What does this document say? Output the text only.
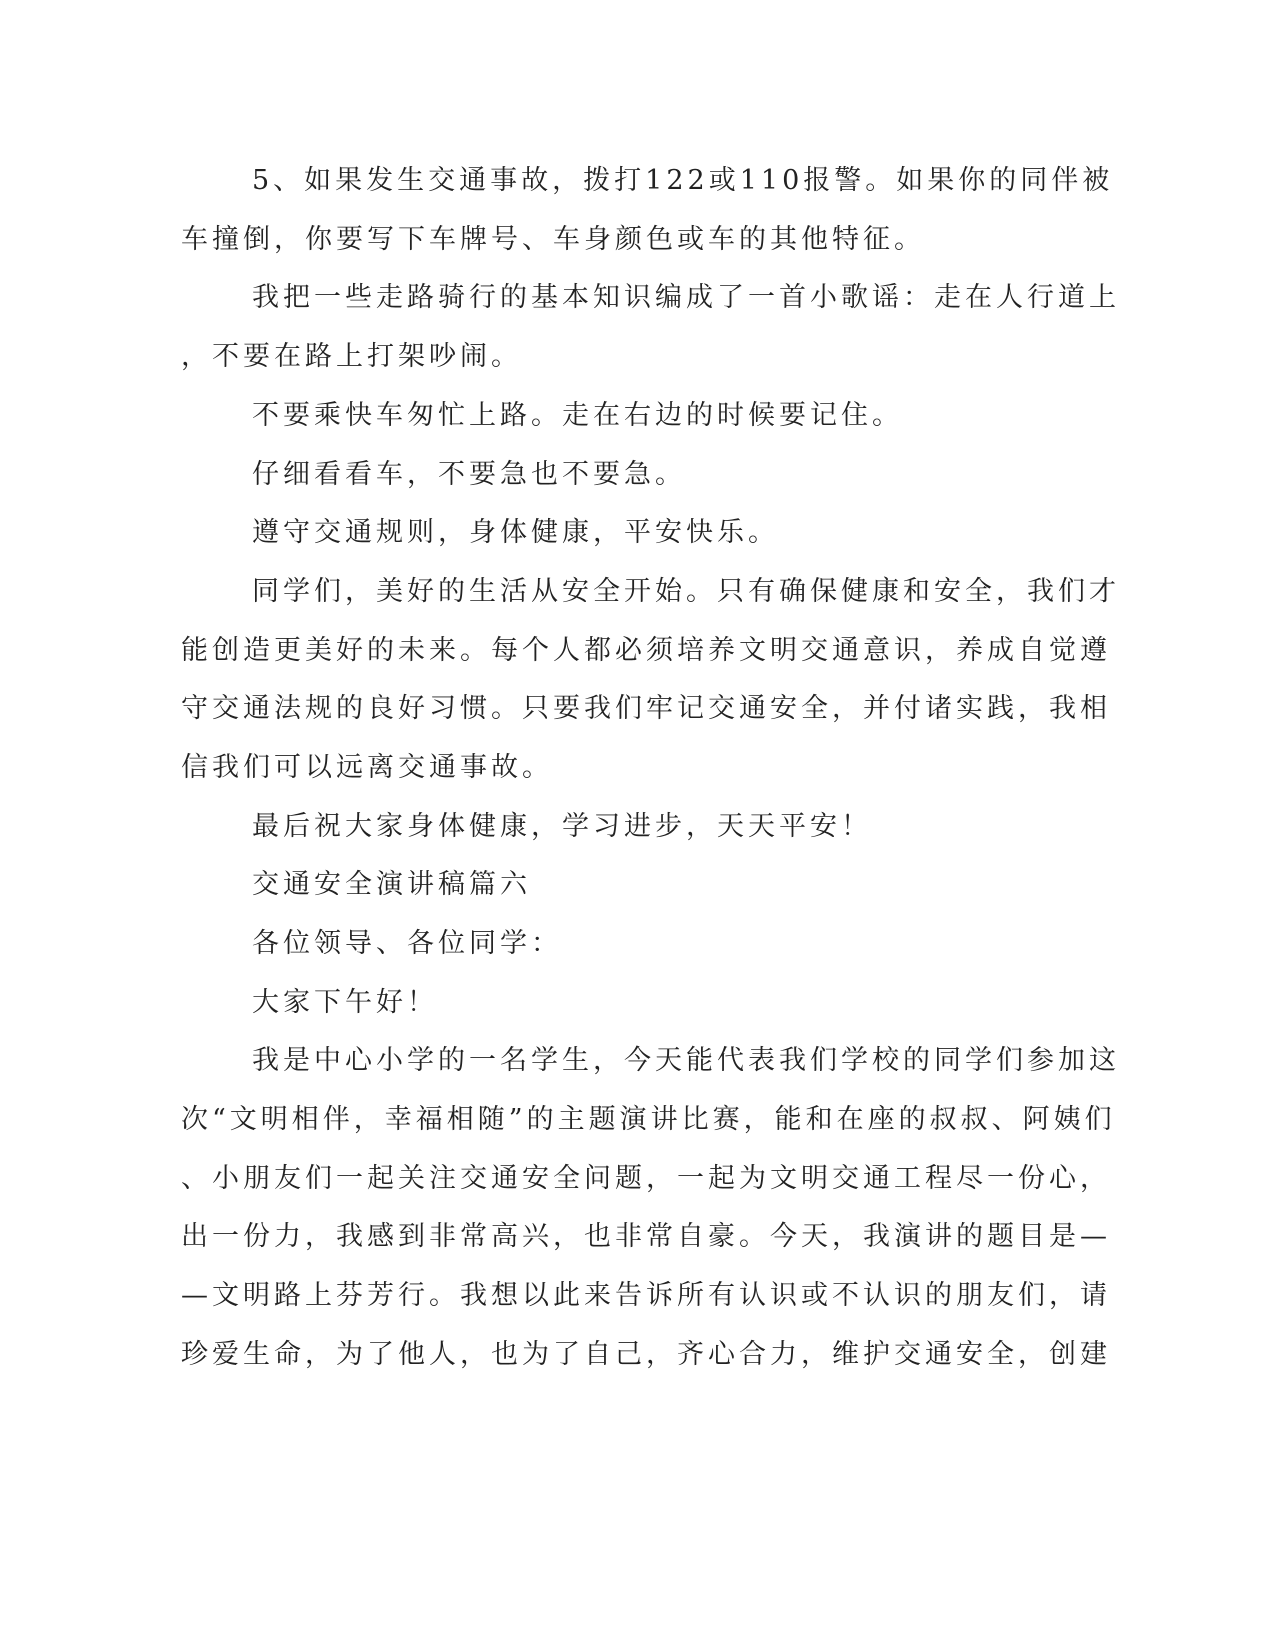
5、如果发生交通事故，拨打122或110报警。如果你的同伴被
车撞倒，你要写下车牌号、车身颜色或车的其他特征。
我把一些走路骑行的基本知识编成了一首小歌谣：走在人行道上
，不要在路上打架吵闹。
不要乘快车匆忙上路。走在右边的时候要记住。
仔细看看车，不要急也不要急。
遵守交通规则，身体健康，平安快乐。
同学们，美好的生活从安全开始。只有确保健康和安全，我们才
能创造更美好的未来。每个人都必须培养文明交通意识，养成自觉遵
守交通法规的良好习惯。只要我们牢记交通安全，并付诸实践，我相
信我们可以远离交通事故。
最后祝大家身体健康，学习进步，天天平安！
交通安全演讲稿篇六
各位领导、各位同学：
大家下午好！
我是中心小学的一名学生，今天能代表我们学校的同学们参加这
次“文明相伴，幸福相随”的主题演讲比赛，能和在座的叔叔、阿姨们
、小朋友们一起关注交通安全问题，一起为文明交通工程尽一份心，
出一份力，我感到非常高兴，也非常自豪。今天，我演讲的题目是—
—文明路上芬芳行。我想以此来告诉所有认识或不认识的朋友们，请
珍爱生命，为了他人，也为了自己，齐心合力，维护交通安全，创建
